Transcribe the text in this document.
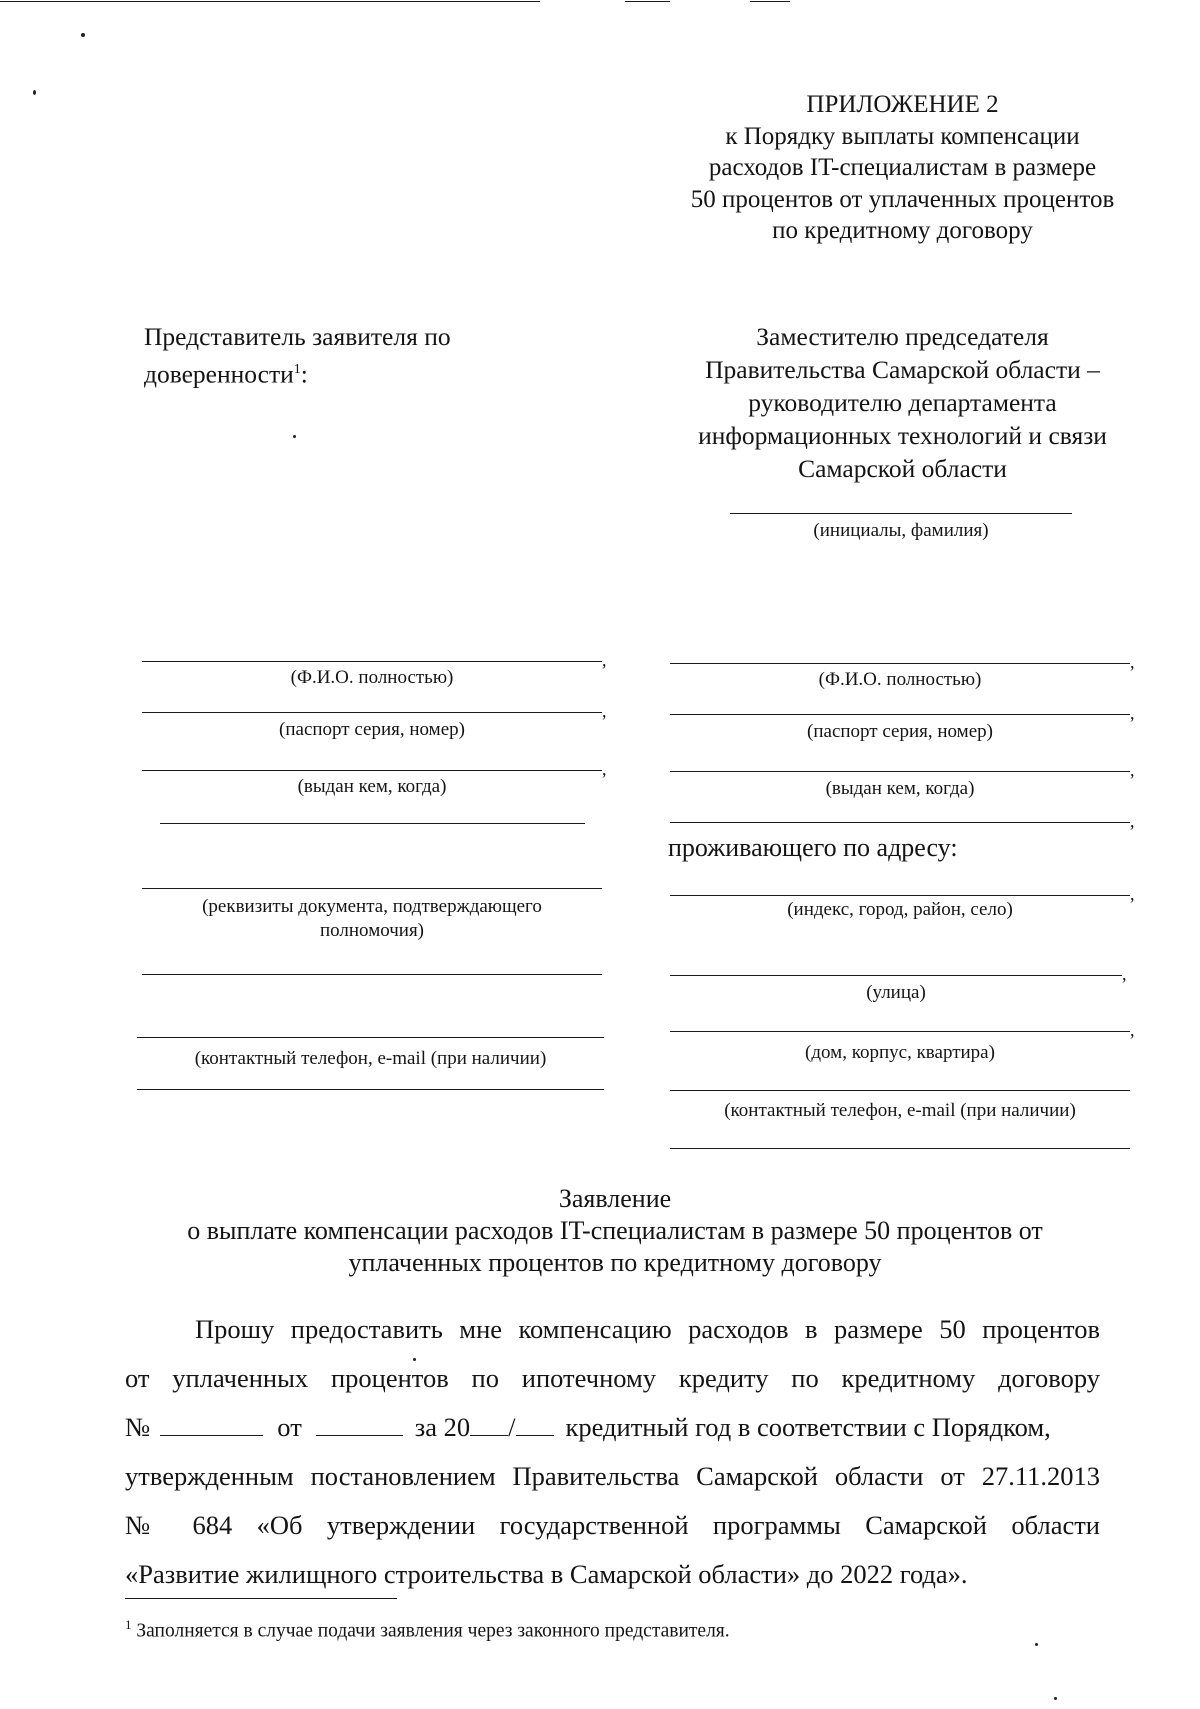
ПРИЛОЖЕНИЕ 2
к Порядку выплаты компенсации
расходов IT-специалистам в размере
50 процентов от уплаченных процентов
по кредитному договору
Представитель заявителя по
доверенности$^1$:
Заместителю председателя
Правительства Самарской области –
руководителю департамента
информационных технологий и связи
Самарской области
(инициалы, фамилия)
,
(Ф.И.О. полностью)
,
(паспорт серия, номер)
,
(выдан кем, когда)
(реквизиты документа, подтверждающего
полномочия)
(контактный телефон, e-mail (при наличии)
,
(Ф.И.О. полностью)
,
(паспорт серия, номер)
,
(выдан кем, когда)
,
проживающего по адресу:
,
(индекс, город, район, село)
,
(улица)
,
(дом, корпус, квартира)
(контактный телефон, e-mail (при наличии)
Заявление
о выплате компенсации расходов IT-специалистам в размере 50 процентов от
уплаченных процентов по кредитному договору
Прошу предоставить мне компенсацию расходов в размере 50 процентов
от уплаченных процентов по ипотечному кредиту по кредитному договору
№	от	за 20 / кредитный год в соответствии с Порядком,
утвержденным постановлением Правительства Самарской области от 27.11.2013
№ 684 «Об утверждении государственной программы Самарской области
«Развитие жилищного строительства в Самарской области» до 2022 года».
$^1$ Заполняется в случае подачи заявления через законного представителя.
